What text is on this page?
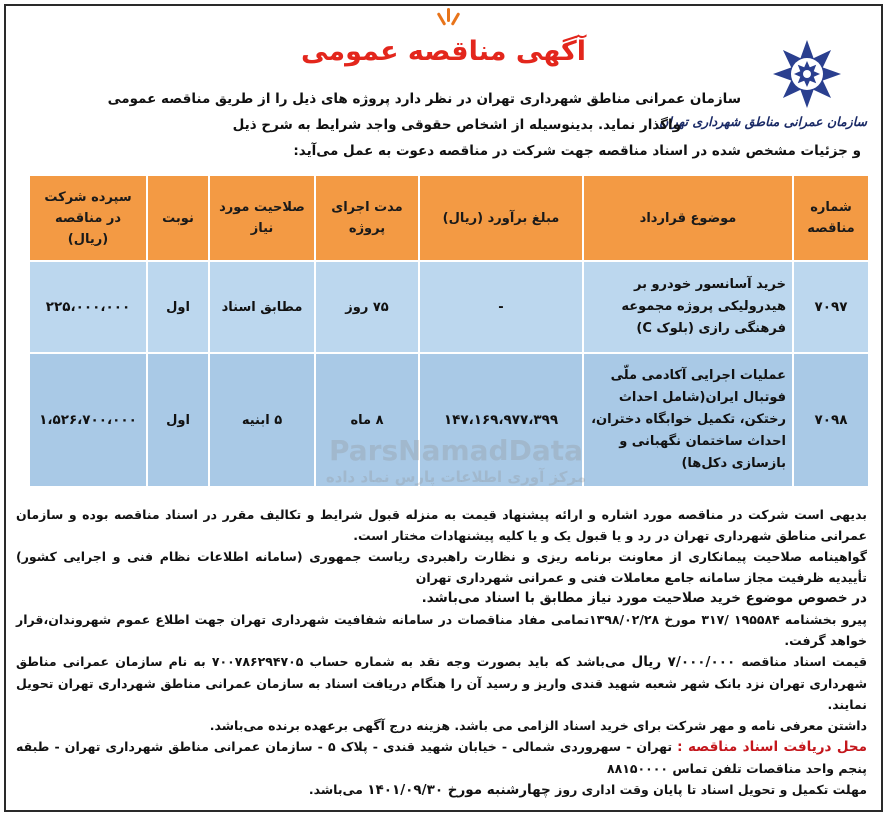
آگهی مناقصه عمومی
سازمان عمرانی مناطق شهرداری تهران

سازمان عمرانی مناطق شهرداری تهران در نظر دارد پروژه های ذیل را از طریق مناقصه عمومی

واگذار نماید. بدینوسیله از اشخاص حقوقی واجد شرایط به شرح ذیل

و جزئیات مشخص شده در اسناد مناقصه جهت شرکت در مناقصه دعوت به عمل می‌آید:

شماره مناقصه	موضوع قرارداد	مبلغ برآورد (ریال)	مدت اجرای پروژه	صلاحیت مورد نیاز	نوبت	سپرده شرکت در مناقصه (ریال)
۷۰۹۷	خرید آسانسور خودرو بر هیدرولیکی پروژه مجموعه فرهنگی رازی (بلوک C)	-	۷۵ روز	مطابق اسناد	اول	۲۲۵،۰۰۰،۰۰۰
۷۰۹۸	عملیات اجرایی آکادمی ملّی فوتبال ایران(شامل احداث رختکن، تکمیل خوابگاه دختران، احداث ساختمان نگهبانی و بازسازی دکل‌ها)	۱۴۷،۱۶۹،۹۷۷،۳۹۹	۸ ماه	۵ ابنیه	اول	۱،۵۲۶،۷۰۰،۰۰۰
ParsNamadData
مرکز آوری اطلاعات پارس نماد داده

بدیهی است شرکت در مناقصه مورد اشاره و ارائه پیشنهاد قیمت به منزله قبول شرایط و تکالیف مقرر در اسناد مناقصه بوده و سازمان عمرانی مناطق شهرداری تهران در رد و یا قبول یک و یا کلیه پیشنهادات مختار است.

گواهینامه صلاحیت پیمانکاری از معاونت برنامه ریزی و نظارت راهبردی ریاست جمهوری (سامانه اطلاعات نظام فنی و اجرایی کشور) تأییدیه ظرفیت مجاز سامانه جامع معاملات فنی و عمرانی شهرداری تهران

در خصوص موضوع خرید صلاحیت مورد نیاز مطابق با اسناد می‌باشد.

پیرو بخشنامه ۱۹۵۵۸۴ /۳۱۷ مورخ ۱۳۹۸/۰۲/۲۸تمامی مفاد مناقصات در سامانه شفافیت شهرداری تهران جهت اطلاع عموم شهروندان،قرار خواهد گرفت.

قیمت اسناد مناقصه ۷/۰۰۰/۰۰۰ ریال می‌باشد که باید بصورت وجه نقد به شماره حساب ۷۰۰۷۸۶۲۹۴۷۰۵ به نام سازمان عمرانی مناطق شهرداری تهران نزد بانک شهر شعبه شهید قندی واریز و رسید آن را هنگام دریافت اسناد به سازمان عمرانی مناطق شهرداری تهران تحویل نمایند.

داشتن معرفی نامه و مهر شرکت برای خرید اسناد الزامی می باشد. هزینه درج آگهی برعهده برنده می‌باشد.

محل دریافت اسناد مناقصه : تهران - سهروردی شمالی - خیابان شهید قندی - پلاک ۵ - سازمان عمرانی مناطق شهرداری تهران - طبقه پنجم واحد مناقصات تلفن تماس ۸۸۱۵۰۰۰۰

مهلت تکمیل و تحویل اسناد تا پایان وقت اداری روز چهارشنبه مورخ ۱۴۰۱/۰۹/۳۰ می‌باشد.
